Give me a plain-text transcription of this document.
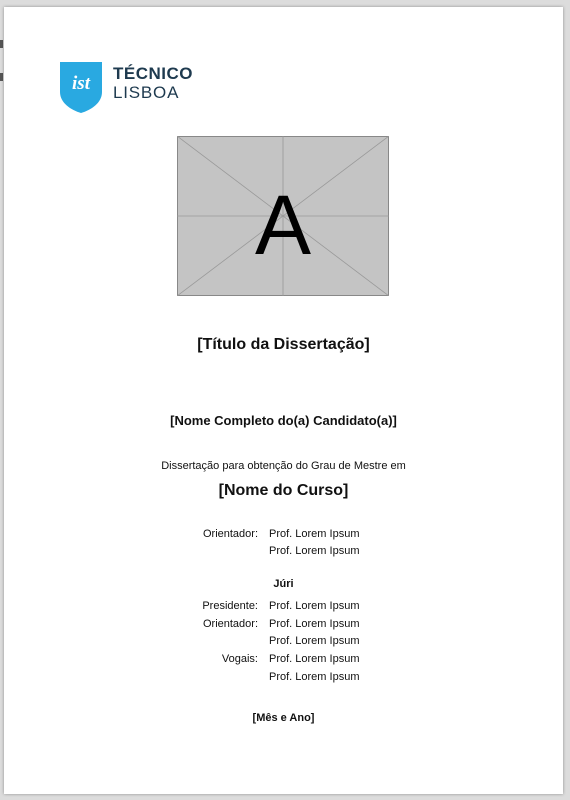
ist TÉCNICO
LISBOA
A
[Título da Dissertação]
[Nome Completo do(a) Candidato(a)]
Dissertação para obtenção do Grau de Mestre em
[Nome do Curso]
Orientador: Prof. Lorem Ipsum
Prof. Lorem Ipsum
Júri
Presidente: Prof. Lorem Ipsum
Orientador: Prof. Lorem Ipsum
Prof. Lorem Ipsum
Vogais: Prof. Lorem Ipsum
Prof. Lorem Ipsum
[Mês e Ano]
